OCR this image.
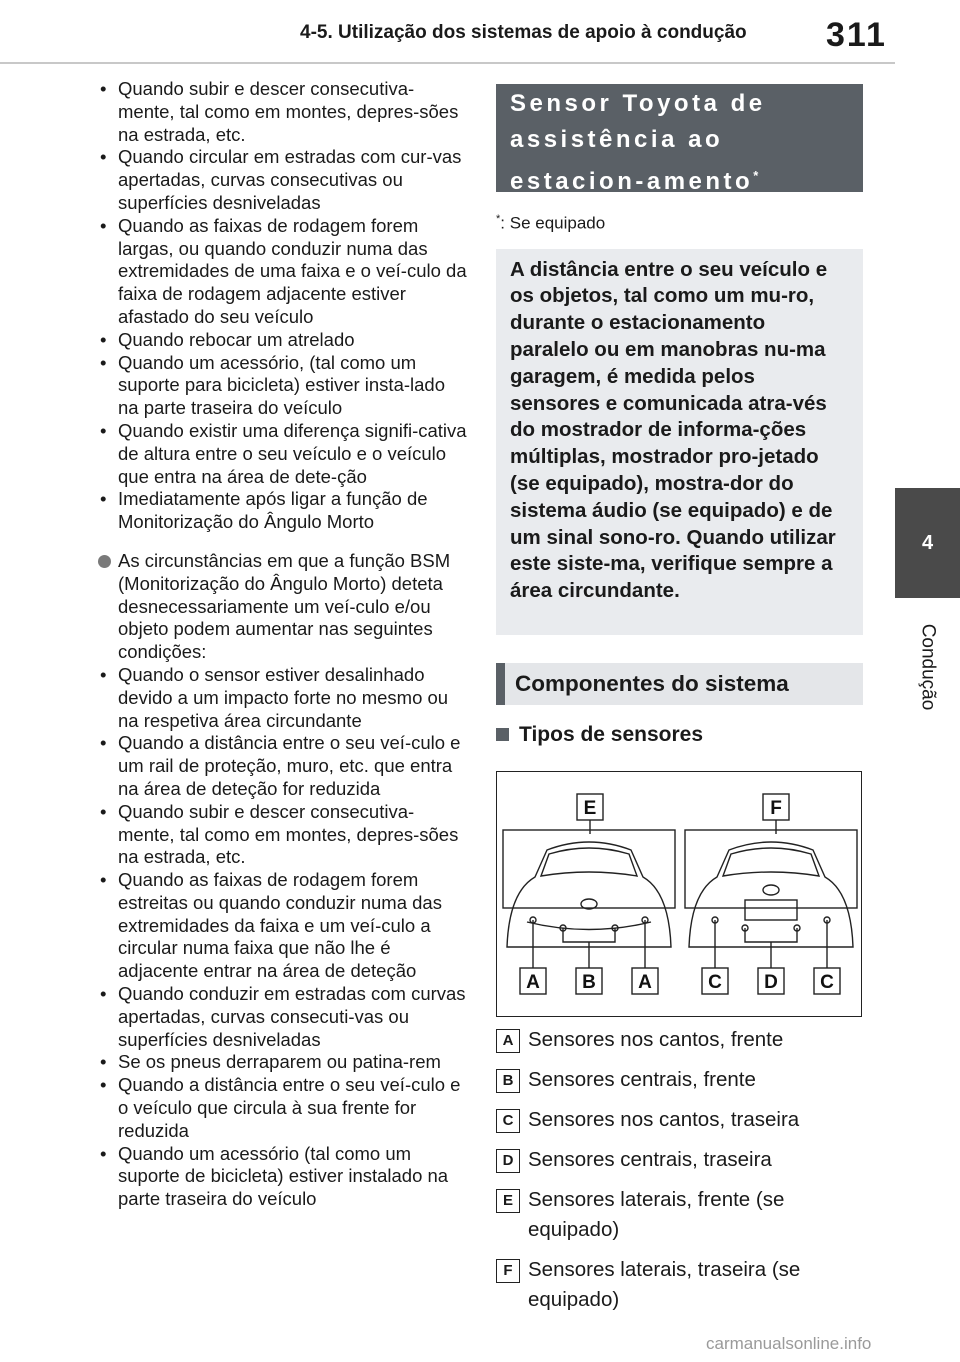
4-5. Utilização dos sistemas de apoio à condução 311
4
Condução
• Quando subir e descer consecutiva-mente, tal como em montes, depres-sões na estrada, etc.
• Quando circular em estradas com cur-vas apertadas, curvas consecutivas ou superfícies desniveladas
• Quando as faixas de rodagem forem largas, ou quando conduzir numa das extremidades de uma faixa e o veí-culo da faixa de rodagem adjacente estiver afastado do seu veículo
• Quando rebocar um atrelado
• Quando um acessório, (tal como um suporte para bicicleta) estiver insta-lado na parte traseira do veículo
• Quando existir uma diferença signifi-cativa de altura entre o seu veículo e o veículo que entra na área de dete-ção
• Imediatamente após ligar a função de Monitorização do Ângulo Morto

As circunstâncias em que a função BSM (Monitorização do Ângulo Morto) deteta desnecessariamente um veí-culo e/ou objeto podem aumentar nas seguintes condições:

• Quando o sensor estiver desalinhado devido a um impacto forte no mesmo ou na respetiva área circundante
• Quando a distância entre o seu veí-culo e um rail de proteção, muro, etc. que entra na área de deteção for reduzida
• Quando subir e descer consecutiva-mente, tal como em montes, depres-sões na estrada, etc.
• Quando as faixas de rodagem forem estreitas ou quando conduzir numa das extremidades da faixa e um veí-culo a circular numa faixa que não lhe é adjacente entrar na área de deteção
• Quando conduzir em estradas com curvas apertadas, curvas consecuti-vas ou superfícies desniveladas
• Se os pneus derraparem ou patina-rem
• Quando a distância entre o seu veí-culo e o veículo que circula à sua frente for reduzida
• Quando um acessório (tal como um suporte de bicicleta) estiver instalado na parte traseira do veículo
Sensor Toyota de assistência ao estacion-amento*
*: Se equipado
A distância entre o seu veículo e os objetos, tal como um mu-ro, durante o estacionamento paralelo ou em manobras nu-ma garagem, é medida pelos sensores e comunicada atra-vés do mostrador de informa-ções múltiplas, mostrador pro-jetado (se equipado), mostra-dor do sistema áudio (se equipado) e de um sinal sono-ro. Quando utilizar este siste-ma, verifique sempre a área circundante.
Componentes do sistema
Tipos de sensores
E	F
A B A	C D C
A Sensores nos cantos, frente
B Sensores centrais, frente
C Sensores nos cantos, traseira
D Sensores centrais, traseira
E Sensores laterais, frente (se equipado)
F Sensores laterais, traseira (se equipado)
carmanualsonline.info
